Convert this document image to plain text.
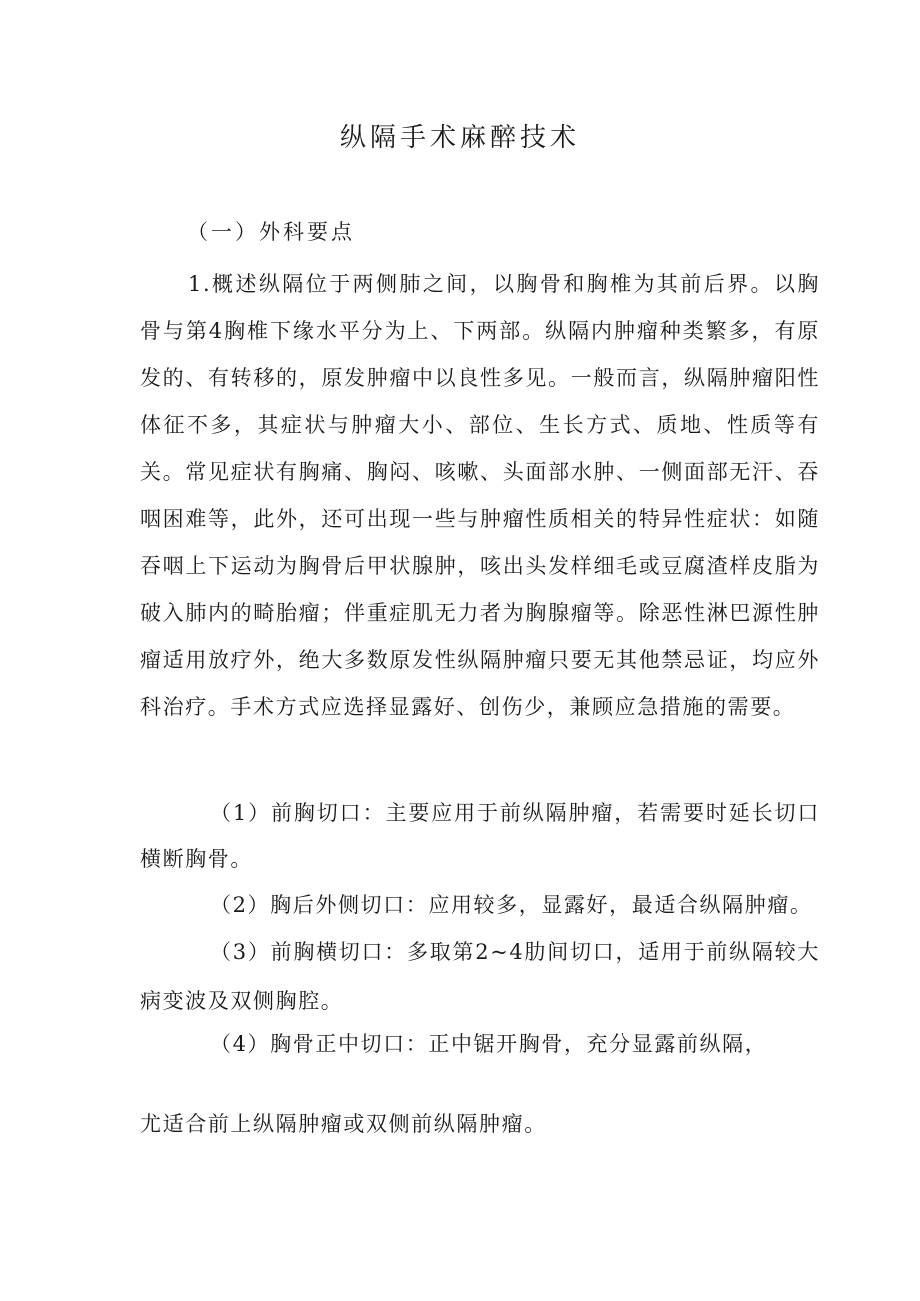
纵隔手术麻醉技术

（一）外科要点

1.概述纵隔位于两侧肺之间，以胸骨和胸椎为其前后界。以胸骨与第4胸椎下缘水平分为上、下两部。纵隔内肿瘤种类繁多，有原发的、有转移的，原发肿瘤中以良性多见。一般而言，纵隔肿瘤阳性体征不多，其症状与肿瘤大小、部位、生长方式、质地、性质等有关。常见症状有胸痛、胸闷、咳嗽、头面部水肿、一侧面部无汗、吞咽困难等，此外，还可出现一些与肿瘤性质相关的特异性症状：如随吞咽上下运动为胸骨后甲状腺肿，咳出头发样细毛或豆腐渣样皮脂为破入肺内的畸胎瘤；伴重症肌无力者为胸腺瘤等。除恶性淋巴源性肿瘤适用放疗外，绝大多数原发性纵隔肿瘤只要无其他禁忌证，均应外科治疗。手术方式应选择显露好、创伤少，兼顾应急措施的需要。

（1）前胸切口：主要应用于前纵隔肿瘤，若需要时延长切口横断胸骨。

（2）胸后外侧切口：应用较多，显露好，最适合纵隔肿瘤。

（3）前胸横切口：多取第2~4肋间切口，适用于前纵隔较大病变波及双侧胸腔。

（4）胸骨正中切口：正中锯开胸骨，充分显露前纵隔，

尤适合前上纵隔肿瘤或双侧前纵隔肿瘤。
